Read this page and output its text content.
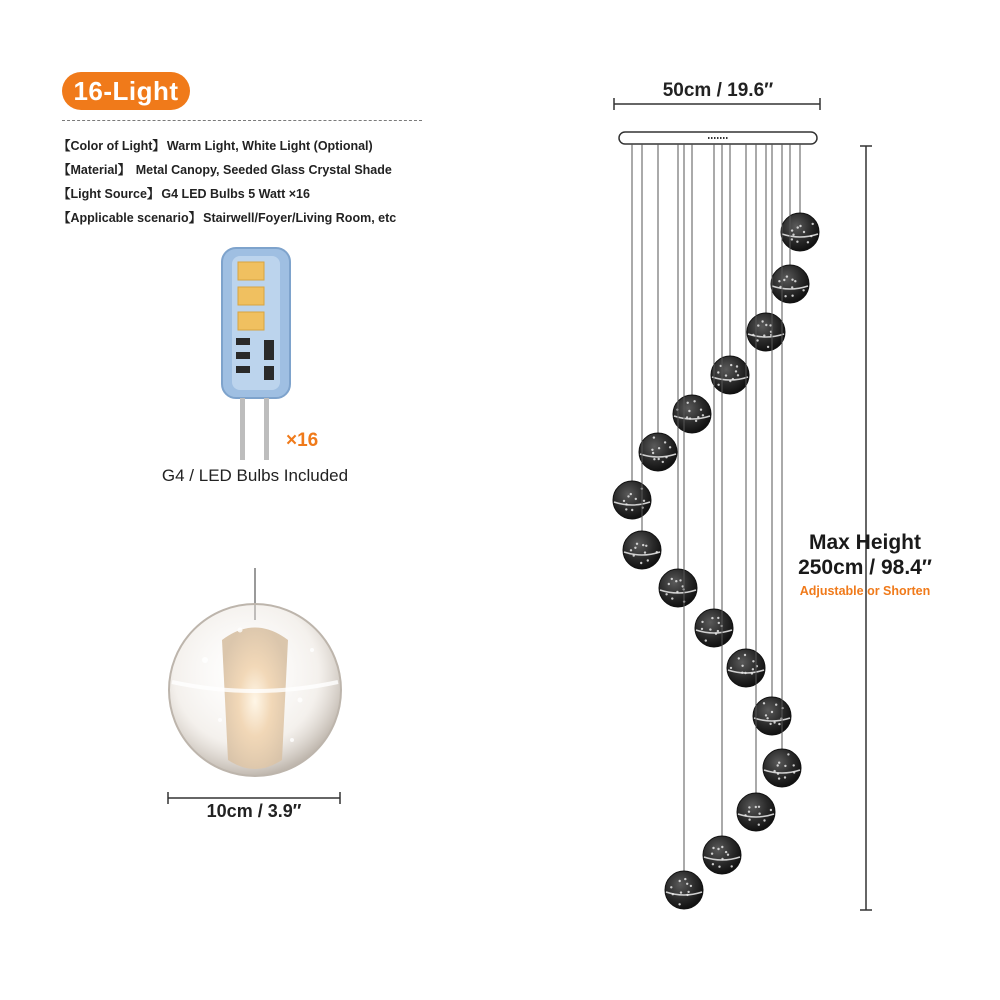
16-Light
【Color of Light】 Warm Light, White Light (Optional)
【Material】 Metal Canopy, Seeded Glass Crystal Shade
【Light Source】 G4 LED Bulbs 5 Watt ×16
【Applicable scenario】 Stairwell/Foyer/Living Room, etc
×16
G4 / LED Bulbs Included
10cm / 3.9″
50cm / 19.6″
Max Height
250cm / 98.4″
Adjustable or Shorten
